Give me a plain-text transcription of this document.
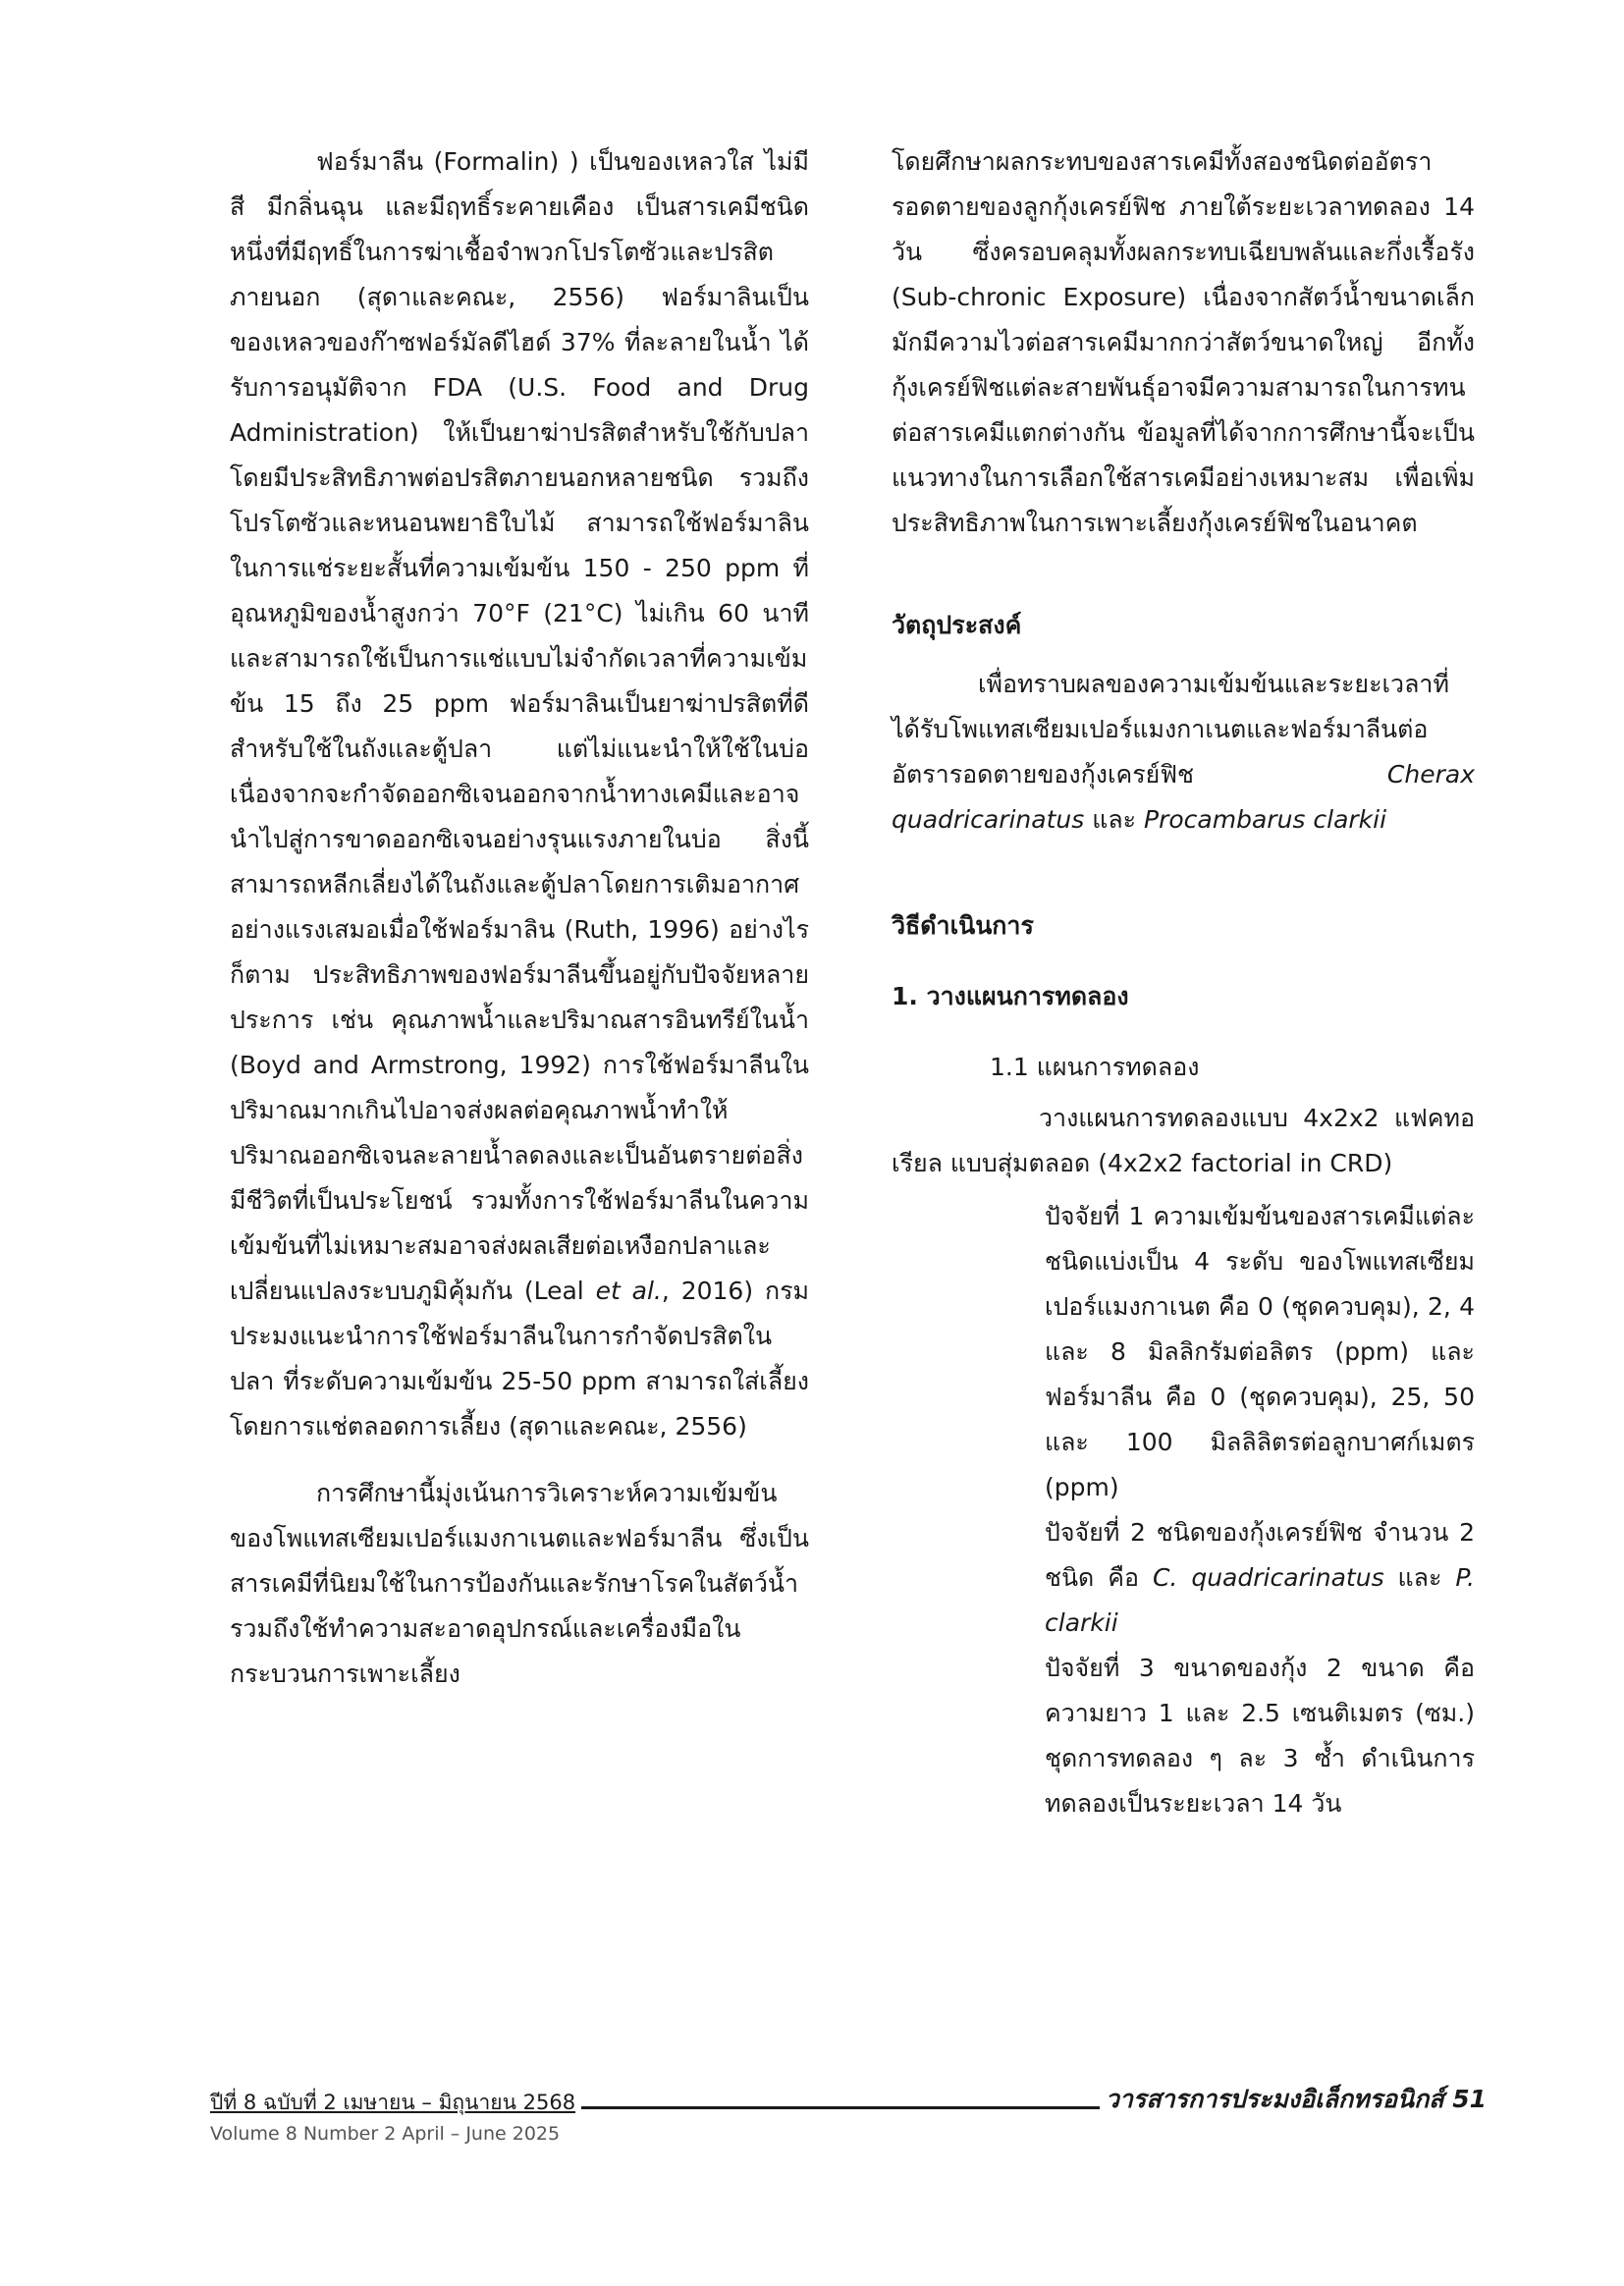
ฟอร์มาลีน (Formalin) ) เป็นของเหลวใส ไม่มีสี มีกลิ่นฉุน และมีฤทธิ์ระคายเคือง เป็นสารเคมีชนิดหนึ่งที่มีฤทธิ์ในการฆ่าเชื้อจำพวกโปรโตซัวและปรสิตภายนอก (สุดาและคณะ, 2556) ฟอร์มาลินเป็นของเหลวของก๊าซฟอร์มัลดีไฮด์ 37% ที่ละลายในน้ำ ได้รับการอนุมัติจาก FDA (U.S. Food and Drug Administration) ให้เป็นยาฆ่าปรสิตสำหรับใช้กับปลา โดยมีประสิทธิภาพต่อปรสิตภายนอกหลายชนิด รวมถึงโปรโตซัวและหนอนพยาธิใบไม้ สามารถใช้ฟอร์มาลินในการแช่ระยะสั้นที่ความเข้มข้น 150 - 250 ppm ที่อุณหภูมิของน้ำสูงกว่า 70°F (21°C) ไม่เกิน 60 นาที และสามารถใช้เป็นการแช่แบบไม่จำกัดเวลาที่ความเข้มข้น 15 ถึง 25 ppm ฟอร์มาลินเป็นยาฆ่าปรสิตที่ดีสำหรับใช้ในถังและตู้ปลา แต่ไม่แนะนำให้ใช้ในบ่อเนื่องจากจะกำจัดออกซิเจนออกจากน้ำทางเคมีและอาจนำไปสู่การขาดออกซิเจนอย่างรุนแรงภายในบ่อ สิ่งนี้สามารถหลีกเลี่ยงได้ในถังและตู้ปลาโดยการเติมอากาศอย่างแรงเสมอเมื่อใช้ฟอร์มาลิน (Ruth, 1996) อย่างไรก็ตาม ประสิทธิภาพของฟอร์มาลีนขึ้นอยู่กับปัจจัยหลายประการ เช่น คุณภาพน้ำและปริมาณสารอินทรีย์ในน้ำ (Boyd and Armstrong, 1992) การใช้ฟอร์มาลีนในปริมาณมากเกินไปอาจส่งผลต่อคุณภาพน้ำทำให้ปริมาณออกซิเจนละลายน้ำลดลงและเป็นอันตรายต่อสิ่งมีชีวิตที่เป็นประโยชน์ รวมทั้งการใช้ฟอร์มาลีนในความเข้มข้นที่ไม่เหมาะสมอาจส่งผลเสียต่อเหงือกปลาและเปลี่ยนแปลงระบบภูมิคุ้มกัน (Leal et al., 2016) กรมประมงแนะนำการใช้ฟอร์มาลีนในการกำจัดปรสิตในปลา ที่ระดับความเข้มข้น 25-50 ppm สามารถใส่เลี้ยงโดยการแช่ตลอดการเลี้ยง (สุดาและคณะ, 2556)

การศึกษานี้มุ่งเน้นการวิเคราะห์ความเข้มข้นของโพแทสเซียมเปอร์แมงกาเนตและฟอร์มาลีน ซึ่งเป็นสารเคมีที่นิยมใช้ในการป้องกันและรักษาโรคในสัตว์น้ำ รวมถึงใช้ทำความสะอาดอุปกรณ์และเครื่องมือในกระบวนการเพาะเลี้ยง

โดยศึกษาผลกระทบของสารเคมีทั้งสองชนิดต่ออัตรารอดตายของลูกกุ้งเครย์ฟิช ภายใต้ระยะเวลาทดลอง 14 วัน ซึ่งครอบคลุมทั้งผลกระทบเฉียบพลันและกึ่งเรื้อรัง (Sub-chronic Exposure) เนื่องจากสัตว์น้ำขนาดเล็กมักมีความไวต่อสารเคมีมากกว่าสัตว์ขนาดใหญ่ อีกทั้งกุ้งเครย์ฟิชแต่ละสายพันธุ์อาจมีความสามารถในการทนต่อสารเคมีแตกต่างกัน ข้อมูลที่ได้จากการศึกษานี้จะเป็นแนวทางในการเลือกใช้สารเคมีอย่างเหมาะสม เพื่อเพิ่มประสิทธิภาพในการเพาะเลี้ยงกุ้งเครย์ฟิชในอนาคต

วัตถุประสงค์

เพื่อทราบผลของความเข้มข้นและระยะเวลาที่ได้รับโพแทสเซียมเปอร์แมงกาเนตและฟอร์มาลีนต่ออัตรารอดตายของกุ้งเครย์ฟิช Cherax quadricarinatus และ Procambarus clarkii

วิธีดำเนินการ

1. วางแผนการทดลอง

1.1 แผนการทดลอง

วางแผนการทดลองแบบ 4x2x2 แฟคทอเรียล แบบสุ่มตลอด (4x2x2 factorial in CRD)

ปัจจัยที่ 1 ความเข้มข้นของสารเคมีแต่ละชนิดแบ่งเป็น 4 ระดับ ของโพแทสเซียมเปอร์แมงกาเนต คือ 0 (ชุดควบคุม), 2, 4 และ 8 มิลลิกรัมต่อลิตร (ppm) และฟอร์มาลีน คือ 0 (ชุดควบคุม), 25, 50 และ 100 มิลลิลิตรต่อลูกบาศก์เมตร (ppm)

ปัจจัยที่ 2 ชนิดของกุ้งเครย์ฟิช จำนวน 2 ชนิด คือ C. quadricarinatus และ P. clarkii

ปัจจัยที่ 3 ขนาดของกุ้ง 2 ขนาด คือ ความยาว 1 และ 2.5 เซนติเมตร (ซม.) ชุดการทดลอง ๆ ละ 3 ซ้ำ ดำเนินการทดลองเป็นระยะเวลา 14 วัน

ปีที่ 8 ฉบับที่ 2 เมษายน – มิถุนายน 2568	วารสารการประมงอิเล็กทรอนิกส์ 51
Volume 8 Number 2 April – June 2025
